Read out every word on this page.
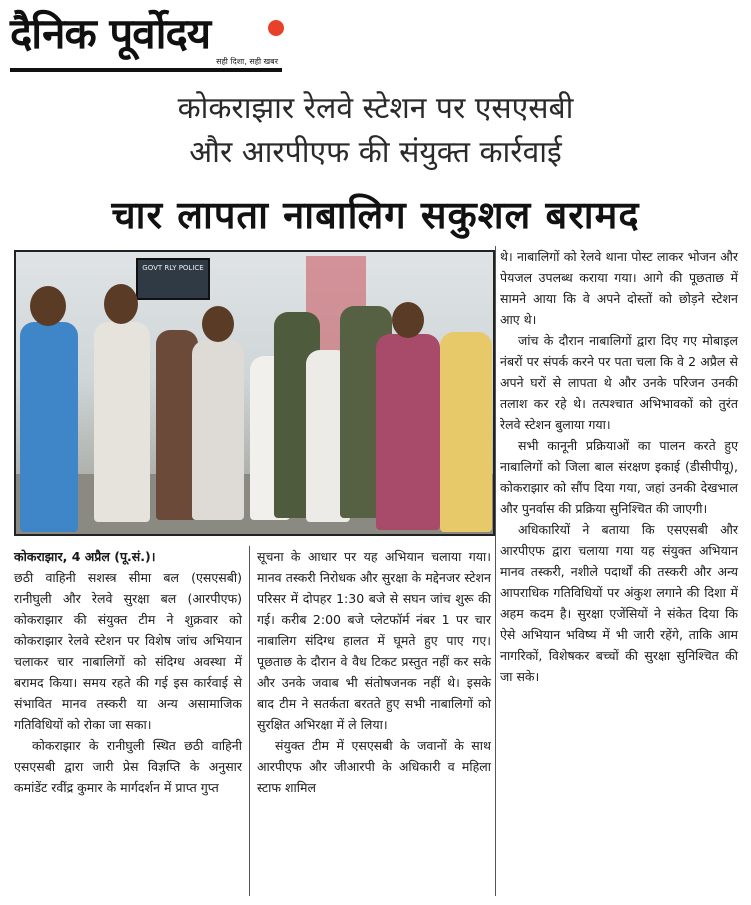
दैनिक पूर्वोदय
सही दिशा, सही खबर
कोकराझार रेलवे स्टेशन पर एसएसबी
और आरपीएफ की संयुक्त कार्रवाई
चार लापता नाबालिग सकुशल बरामद
GOVT RLY POLICE

कोकराझार, 4 अप्रैल (पू.सं.)।

छठी वाहिनी सशस्त्र सीमा बल (एसएसबी) रानीघुली और रेलवे सुरक्षा बल (आरपीएफ) कोकराझार की संयुक्त टीम ने शुक्रवार को कोकराझार रेलवे स्टेशन पर विशेष जांच अभियान चलाकर चार नाबालिगों को संदिग्ध अवस्था में बरामद किया। समय रहते की गई इस कार्रवाई से संभावित मानव तस्करी या अन्य असामाजिक गतिविधियों को रोका जा सका।

कोकराझार के रानीघुली स्थित छठी वाहिनी एसएसबी द्वारा जारी प्रेस विज्ञप्ति के अनुसार कमांडेंट रवींद्र कुमार के मार्गदर्शन में प्राप्त गुप्त

सूचना के आधार पर यह अभियान चलाया गया। मानव तस्करी निरोधक और सुरक्षा के मद्देनजर स्टेशन परिसर में दोपहर 1:30 बजे से सघन जांच शुरू की गई। करीब 2:00 बजे प्लेटफॉर्म नंबर 1 पर चार नाबालिग संदिग्ध हालत में घूमते हुए पाए गए। पूछताछ के दौरान वे वैध टिकट प्रस्तुत नहीं कर सके और उनके जवाब भी संतोषजनक नहीं थे। इसके बाद टीम ने सतर्कता बरतते हुए सभी नाबालिगों को सुरक्षित अभिरक्षा में ले लिया।

संयुक्त टीम में एसएसबी के जवानों के साथ आरपीएफ और जीआरपी के अधिकारी व महिला स्टाफ शामिल

थे। नाबालिगों को रेलवे थाना पोस्ट लाकर भोजन और पेयजल उपलब्ध कराया गया। आगे की पूछताछ में सामने आया कि वे अपने दोस्तों को छोड़ने स्टेशन आए थे।

जांच के दौरान नाबालिगों द्वारा दिए गए मोबाइल नंबरों पर संपर्क करने पर पता चला कि वे 2 अप्रैल से अपने घरों से लापता थे और उनके परिजन उनकी तलाश कर रहे थे। तत्पश्चात अभिभावकों को तुरंत रेलवे स्टेशन बुलाया गया।

सभी कानूनी प्रक्रियाओं का पालन करते हुए नाबालिगों को जिला बाल संरक्षण इकाई (डीसीपीयू), कोकराझार को सौंप दिया गया, जहां उनकी देखभाल और पुनर्वास की प्रक्रिया सुनिश्चित की जाएगी।

अधिकारियों ने बताया कि एसएसबी और आरपीएफ द्वारा चलाया गया यह संयुक्त अभियान मानव तस्करी, नशीले पदार्थों की तस्करी और अन्य आपराधिक गतिविधियों पर अंकुश लगाने की दिशा में अहम कदम है। सुरक्षा एजेंसियों ने संकेत दिया कि ऐसे अभियान भविष्य में भी जारी रहेंगे, ताकि आम नागरिकों, विशेषकर बच्चों की सुरक्षा सुनिश्चित की जा सके।
